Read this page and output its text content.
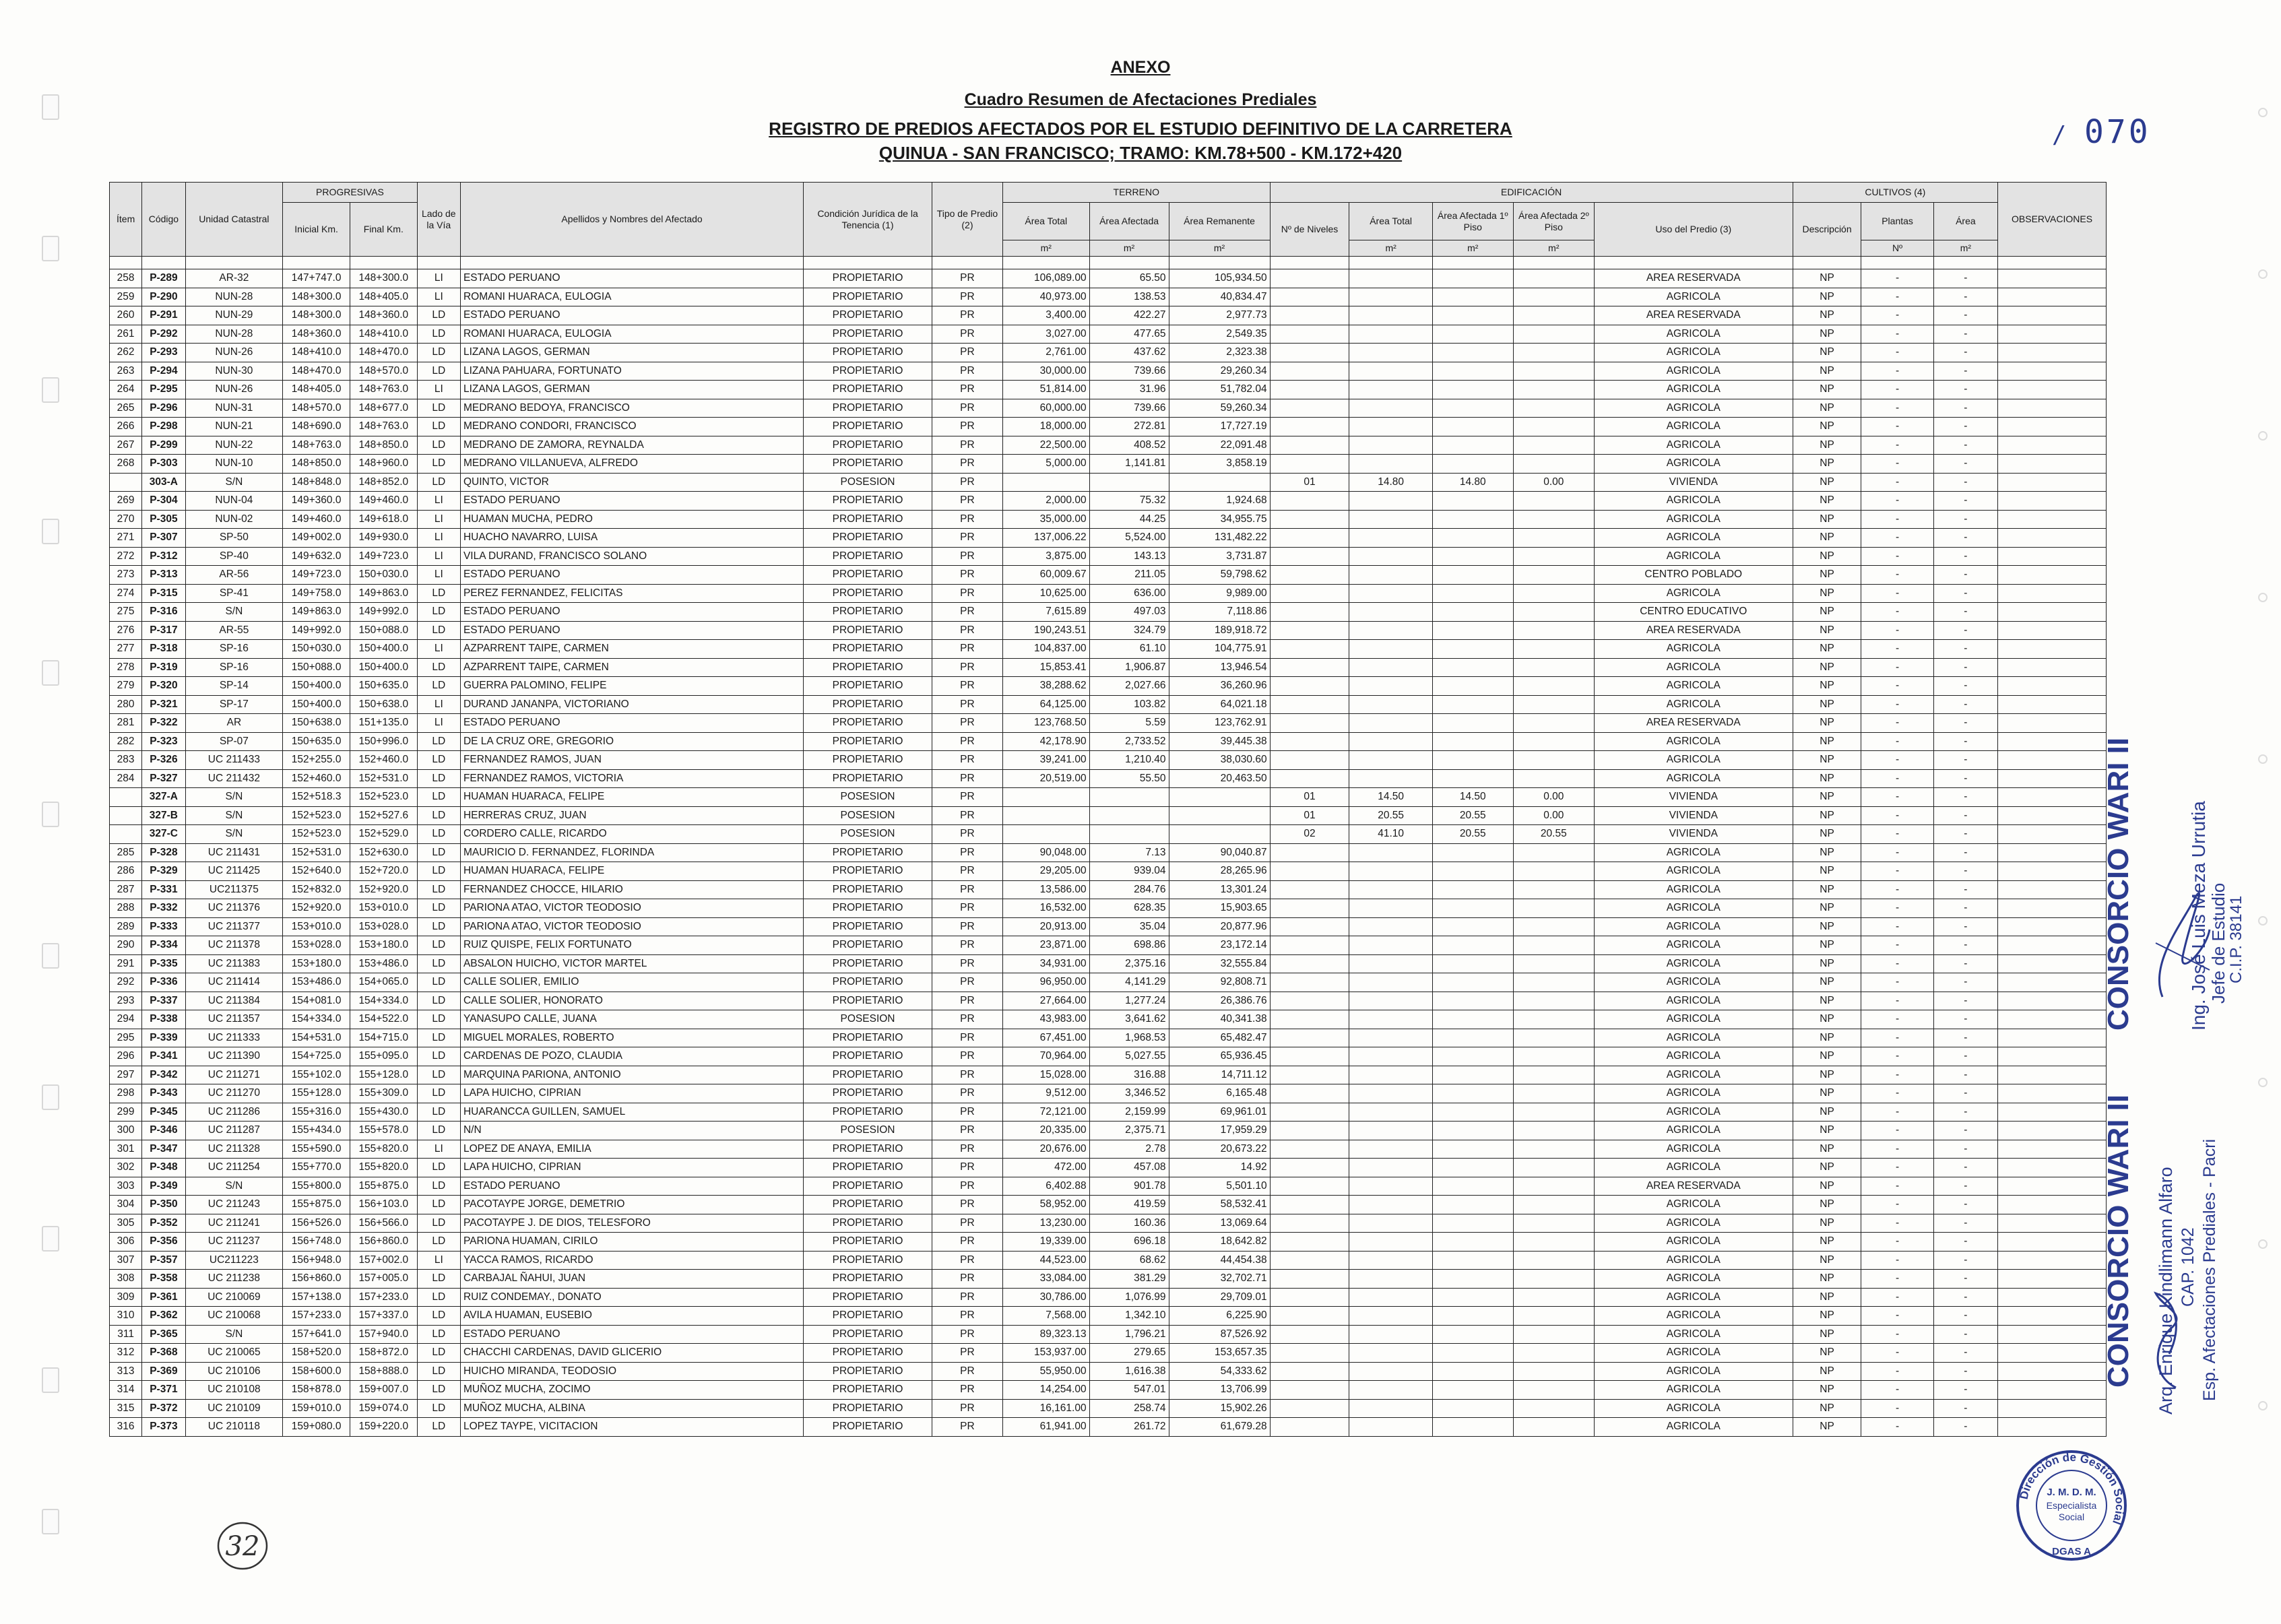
ANEXO
Cuadro Resumen de Afectaciones Prediales
REGISTRO DE PREDIOS AFECTADOS POR EL ESTUDIO DEFINITIVO DE LA CARRETERA
QUINUA - SAN FRANCISCO; TRAMO: KM.78+500 - KM.172+420
/ 070
Ítem	Código	Unidad Catastral	PROGRESIVAS		Lado de la Vía	Apellidos y Nombres del Afectado	Condición Jurídica de la Tenencia (1)	Tipo de Predio (2)	TERRENO			EDIFICACIÓN					CULTIVOS (4)			OBSERVACIONES
			Inicial Km.	Final Km.					Área Total	Área Afectada	Área Remanente	Nº de Niveles	Área Total	Área Afectada 1º Piso	Área Afectada 2º Piso	Uso del Predio (3)	Descripción	Plantas	Área	
									m²	m²	m²		m²	m²	m²			Nº	m²	

258	P-289	AR-32	147+747.0	148+300.0	LI	ESTADO PERUANO	PROPIETARIO	PR	106,089.00	65.50	105,934.50					AREA RESERVADA	NP	-	-	
259	P-290	NUN-28	148+300.0	148+405.0	LI	ROMANI HUARACA, EULOGIA	PROPIETARIO	PR	40,973.00	138.53	40,834.47					AGRICOLA	NP	-	-	
260	P-291	NUN-29	148+300.0	148+360.0	LD	ESTADO PERUANO	PROPIETARIO	PR	3,400.00	422.27	2,977.73					AREA RESERVADA	NP	-	-	
261	P-292	NUN-28	148+360.0	148+410.0	LD	ROMANI HUARACA, EULOGIA	PROPIETARIO	PR	3,027.00	477.65	2,549.35					AGRICOLA	NP	-	-	
262	P-293	NUN-26	148+410.0	148+470.0	LD	LIZANA LAGOS, GERMAN	PROPIETARIO	PR	2,761.00	437.62	2,323.38					AGRICOLA	NP	-	-	
263	P-294	NUN-30	148+470.0	148+570.0	LD	LIZANA PAHUARA, FORTUNATO	PROPIETARIO	PR	30,000.00	739.66	29,260.34					AGRICOLA	NP	-	-	
264	P-295	NUN-26	148+405.0	148+763.0	LI	LIZANA LAGOS, GERMAN	PROPIETARIO	PR	51,814.00	31.96	51,782.04					AGRICOLA	NP	-	-	
265	P-296	NUN-31	148+570.0	148+677.0	LD	MEDRANO BEDOYA, FRANCISCO	PROPIETARIO	PR	60,000.00	739.66	59,260.34					AGRICOLA	NP	-	-	
266	P-298	NUN-21	148+690.0	148+763.0	LD	MEDRANO CONDORI, FRANCISCO	PROPIETARIO	PR	18,000.00	272.81	17,727.19					AGRICOLA	NP	-	-	
267	P-299	NUN-22	148+763.0	148+850.0	LD	MEDRANO DE ZAMORA, REYNALDA	PROPIETARIO	PR	22,500.00	408.52	22,091.48					AGRICOLA	NP	-	-	
268	P-303	NUN-10	148+850.0	148+960.0	LD	MEDRANO VILLANUEVA, ALFREDO	PROPIETARIO	PR	5,000.00	1,141.81	3,858.19					AGRICOLA	NP	-	-	
	303-A	S/N	148+848.0	148+852.0	LD	QUINTO, VICTOR	POSESION	PR				01	14.80	14.80	0.00	VIVIENDA	NP	-	-	
269	P-304	NUN-04	149+360.0	149+460.0	LI	ESTADO PERUANO	PROPIETARIO	PR	2,000.00	75.32	1,924.68					AGRICOLA	NP	-	-	
270	P-305	NUN-02	149+460.0	149+618.0	LI	HUAMAN MUCHA, PEDRO	PROPIETARIO	PR	35,000.00	44.25	34,955.75					AGRICOLA	NP	-	-	
271	P-307	SP-50	149+002.0	149+930.0	LI	HUACHO NAVARRO, LUISA	PROPIETARIO	PR	137,006.22	5,524.00	131,482.22					AGRICOLA	NP	-	-	
272	P-312	SP-40	149+632.0	149+723.0	LI	VILA DURAND, FRANCISCO SOLANO	PROPIETARIO	PR	3,875.00	143.13	3,731.87					AGRICOLA	NP	-	-	
273	P-313	AR-56	149+723.0	150+030.0	LI	ESTADO PERUANO	PROPIETARIO	PR	60,009.67	211.05	59,798.62					CENTRO POBLADO	NP	-	-	
274	P-315	SP-41	149+758.0	149+863.0	LD	PEREZ FERNANDEZ, FELICITAS	PROPIETARIO	PR	10,625.00	636.00	9,989.00					AGRICOLA	NP	-	-	
275	P-316	S/N	149+863.0	149+992.0	LD	ESTADO PERUANO	PROPIETARIO	PR	7,615.89	497.03	7,118.86					CENTRO EDUCATIVO	NP	-	-	
276	P-317	AR-55	149+992.0	150+088.0	LD	ESTADO PERUANO	PROPIETARIO	PR	190,243.51	324.79	189,918.72					AREA RESERVADA	NP	-	-	
277	P-318	SP-16	150+030.0	150+400.0	LI	AZPARRENT TAIPE, CARMEN	PROPIETARIO	PR	104,837.00	61.10	104,775.91					AGRICOLA	NP	-	-	
278	P-319	SP-16	150+088.0	150+400.0	LD	AZPARRENT TAIPE, CARMEN	PROPIETARIO	PR	15,853.41	1,906.87	13,946.54					AGRICOLA	NP	-	-	
279	P-320	SP-14	150+400.0	150+635.0	LD	GUERRA PALOMINO, FELIPE	PROPIETARIO	PR	38,288.62	2,027.66	36,260.96					AGRICOLA	NP	-	-	
280	P-321	SP-17	150+400.0	150+638.0	LI	DURAND JANANPA, VICTORIANO	PROPIETARIO	PR	64,125.00	103.82	64,021.18					AGRICOLA	NP	-	-	
281	P-322	AR	150+638.0	151+135.0	LI	ESTADO PERUANO	PROPIETARIO	PR	123,768.50	5.59	123,762.91					AREA RESERVADA	NP	-	-	
282	P-323	SP-07	150+635.0	150+996.0	LD	DE LA CRUZ ORE, GREGORIO	PROPIETARIO	PR	42,178.90	2,733.52	39,445.38					AGRICOLA	NP	-	-	
283	P-326	UC 211433	152+255.0	152+460.0	LD	FERNANDEZ RAMOS, JUAN	PROPIETARIO	PR	39,241.00	1,210.40	38,030.60					AGRICOLA	NP	-	-	
284	P-327	UC 211432	152+460.0	152+531.0	LD	FERNANDEZ RAMOS, VICTORIA	PROPIETARIO	PR	20,519.00	55.50	20,463.50					AGRICOLA	NP	-	-	
	327-A	S/N	152+518.3	152+523.0	LD	HUAMAN HUARACA, FELIPE	POSESION	PR				01	14.50	14.50	0.00	VIVIENDA	NP	-	-	
	327-B	S/N	152+523.0	152+527.6	LD	HERRERAS CRUZ, JUAN	POSESION	PR				01	20.55	20.55	0.00	VIVIENDA	NP	-	-	
	327-C	S/N	152+523.0	152+529.0	LD	CORDERO CALLE, RICARDO	POSESION	PR				02	41.10	20.55	20.55	VIVIENDA	NP	-	-	
285	P-328	UC 211431	152+531.0	152+630.0	LD	MAURICIO D. FERNANDEZ, FLORINDA	PROPIETARIO	PR	90,048.00	7.13	90,040.87					AGRICOLA	NP	-	-	
286	P-329	UC 211425	152+640.0	152+720.0	LD	HUAMAN HUARACA, FELIPE	PROPIETARIO	PR	29,205.00	939.04	28,265.96					AGRICOLA	NP	-	-	
287	P-331	UC211375	152+832.0	152+920.0	LD	FERNANDEZ CHOCCE, HILARIO	PROPIETARIO	PR	13,586.00	284.76	13,301.24					AGRICOLA	NP	-	-	
288	P-332	UC 211376	152+920.0	153+010.0	LD	PARIONA ATAO, VICTOR TEODOSIO	PROPIETARIO	PR	16,532.00	628.35	15,903.65					AGRICOLA	NP	-	-	
289	P-333	UC 211377	153+010.0	153+028.0	LD	PARIONA ATAO, VICTOR TEODOSIO	PROPIETARIO	PR	20,913.00	35.04	20,877.96					AGRICOLA	NP	-	-	
290	P-334	UC 211378	153+028.0	153+180.0	LD	RUIZ QUISPE, FELIX FORTUNATO	PROPIETARIO	PR	23,871.00	698.86	23,172.14					AGRICOLA	NP	-	-	
291	P-335	UC 211383	153+180.0	153+486.0	LD	ABSALON HUICHO, VICTOR MARTEL	PROPIETARIO	PR	34,931.00	2,375.16	32,555.84					AGRICOLA	NP	-	-	
292	P-336	UC 211414	153+486.0	154+065.0	LD	CALLE SOLIER, EMILIO	PROPIETARIO	PR	96,950.00	4,141.29	92,808.71					AGRICOLA	NP	-	-	
293	P-337	UC 211384	154+081.0	154+334.0	LD	CALLE SOLIER, HONORATO	PROPIETARIO	PR	27,664.00	1,277.24	26,386.76					AGRICOLA	NP	-	-	
294	P-338	UC 211357	154+334.0	154+522.0	LD	YANASUPO CALLE, JUANA	POSESION	PR	43,983.00	3,641.62	40,341.38					AGRICOLA	NP	-	-	
295	P-339	UC 211333	154+531.0	154+715.0	LD	MIGUEL MORALES, ROBERTO	PROPIETARIO	PR	67,451.00	1,968.53	65,482.47					AGRICOLA	NP	-	-	
296	P-341	UC 211390	154+725.0	155+095.0	LD	CARDENAS DE POZO, CLAUDIA	PROPIETARIO	PR	70,964.00	5,027.55	65,936.45					AGRICOLA	NP	-	-	
297	P-342	UC 211271	155+102.0	155+128.0	LD	MARQUINA PARIONA, ANTONIO	PROPIETARIO	PR	15,028.00	316.88	14,711.12					AGRICOLA	NP	-	-	
298	P-343	UC 211270	155+128.0	155+309.0	LD	LAPA HUICHO, CIPRIAN	PROPIETARIO	PR	9,512.00	3,346.52	6,165.48					AGRICOLA	NP	-	-	
299	P-345	UC 211286	155+316.0	155+430.0	LD	HUARANCCA GUILLEN, SAMUEL	PROPIETARIO	PR	72,121.00	2,159.99	69,961.01					AGRICOLA	NP	-	-	
300	P-346	UC 211287	155+434.0	155+578.0	LD	N/N	POSESION	PR	20,335.00	2,375.71	17,959.29					AGRICOLA	NP	-	-	
301	P-347	UC 211328	155+590.0	155+820.0	LI	LOPEZ DE ANAYA, EMILIA	PROPIETARIO	PR	20,676.00	2.78	20,673.22					AGRICOLA	NP	-	-	
302	P-348	UC 211254	155+770.0	155+820.0	LD	LAPA HUICHO, CIPRIAN	PROPIETARIO	PR	472.00	457.08	14.92					AGRICOLA	NP	-	-	
303	P-349	S/N	155+800.0	155+875.0	LD	ESTADO PERUANO	PROPIETARIO	PR	6,402.88	901.78	5,501.10					AREA RESERVADA	NP	-	-	
304	P-350	UC 211243	155+875.0	156+103.0	LD	PACOTAYPE JORGE, DEMETRIO	PROPIETARIO	PR	58,952.00	419.59	58,532.41					AGRICOLA	NP	-	-	
305	P-352	UC 211241	156+526.0	156+566.0	LD	PACOTAYPE J. DE DIOS, TELESFORO	PROPIETARIO	PR	13,230.00	160.36	13,069.64					AGRICOLA	NP	-	-	
306	P-356	UC 211237	156+748.0	156+860.0	LD	PARIONA HUAMAN, CIRILO	PROPIETARIO	PR	19,339.00	696.18	18,642.82					AGRICOLA	NP	-	-	
307	P-357	UC211223	156+948.0	157+002.0	LI	YACCA RAMOS, RICARDO	PROPIETARIO	PR	44,523.00	68.62	44,454.38					AGRICOLA	NP	-	-	
308	P-358	UC 211238	156+860.0	157+005.0	LD	CARBAJAL ÑAHUI, JUAN	PROPIETARIO	PR	33,084.00	381.29	32,702.71					AGRICOLA	NP	-	-	
309	P-361	UC 210069	157+138.0	157+233.0	LD	RUIZ CONDEMAY., DONATO	PROPIETARIO	PR	30,786.00	1,076.99	29,709.01					AGRICOLA	NP	-	-	
310	P-362	UC 210068	157+233.0	157+337.0	LD	AVILA HUAMAN, EUSEBIO	PROPIETARIO	PR	7,568.00	1,342.10	6,225.90					AGRICOLA	NP	-	-	
311	P-365	S/N	157+641.0	157+940.0	LD	ESTADO PERUANO	PROPIETARIO	PR	89,323.13	1,796.21	87,526.92					AGRICOLA	NP	-	-	
312	P-368	UC 210065	158+520.0	158+872.0	LD	CHACCHI CARDENAS, DAVID GLICERIO	PROPIETARIO	PR	153,937.00	279.65	153,657.35					AGRICOLA	NP	-	-	
313	P-369	UC 210106	158+600.0	158+888.0	LD	HUICHO MIRANDA, TEODOSIO	PROPIETARIO	PR	55,950.00	1,616.38	54,333.62					AGRICOLA	NP	-	-	
314	P-371	UC 210108	158+878.0	159+007.0	LD	MUÑOZ MUCHA, ZOCIMO	PROPIETARIO	PR	14,254.00	547.01	13,706.99					AGRICOLA	NP	-	-	
315	P-372	UC 210109	159+010.0	159+074.0	LD	MUÑOZ MUCHA, ALBINA	PROPIETARIO	PR	16,161.00	258.74	15,902.26					AGRICOLA	NP	-	-	
316	P-373	UC 210118	159+080.0	159+220.0	LD	LOPEZ TAYPE, VICITACION	PROPIETARIO	PR	61,941.00	261.72	61,679.28					AGRICOLA	NP	-	-	
CONSORCIO WARI II	Ing. José Luis Meza Urrutia Jefe de Estudio
C.I.P. 38141
CONSORCIO WARI II Arq. Enrique Kindlimann Alfaro CAP. 1042 Esp. Afectaciones Prediales - Pacri
Dirección de Gestión Social
J. M. D. M.
Especialista
Social
DGAS A
32
